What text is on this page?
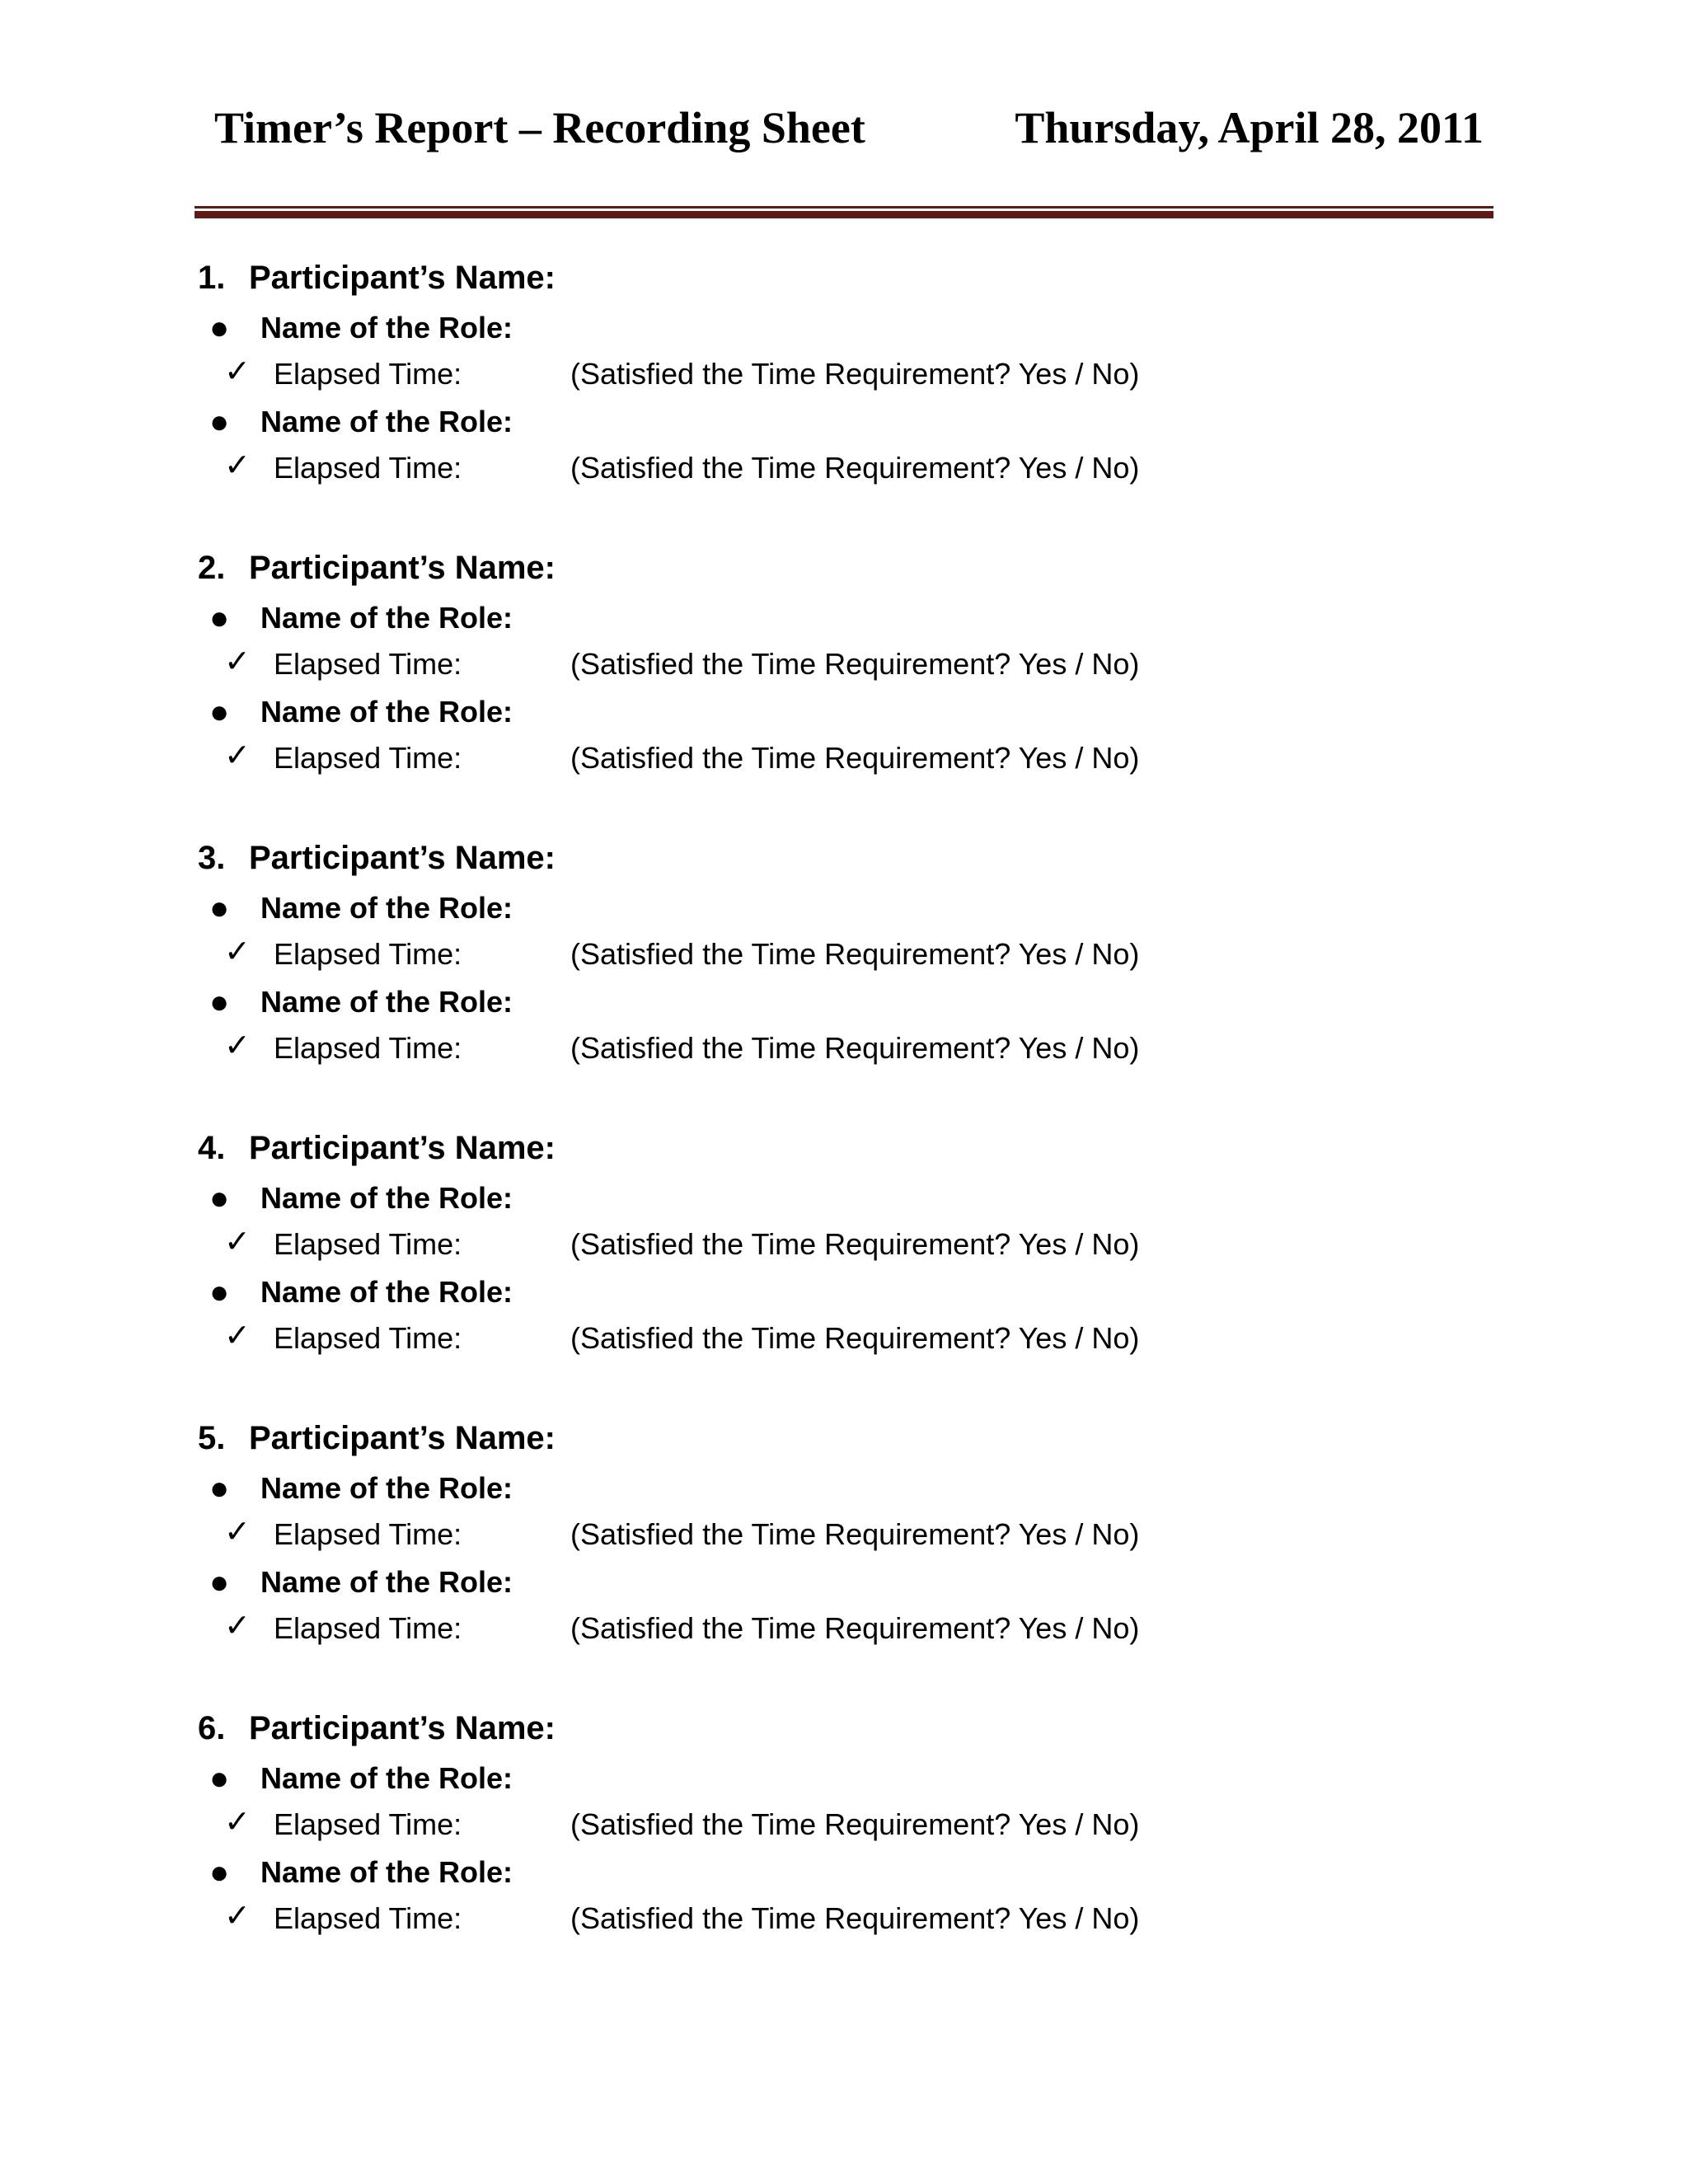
Timer’s Report – Recording Sheet	Thursday, April 28, 2011
1. Participant’s Name:
● Name of the Role:
✓ Elapsed Time:	(Satisfied the Time Requirement? Yes / No)
● Name of the Role:
✓ Elapsed Time:	(Satisfied the Time Requirement? Yes / No)
2. Participant’s Name:
● Name of the Role:
✓ Elapsed Time:	(Satisfied the Time Requirement? Yes / No)
● Name of the Role:
✓ Elapsed Time:	(Satisfied the Time Requirement? Yes / No)
3. Participant’s Name:
● Name of the Role:
✓ Elapsed Time:	(Satisfied the Time Requirement? Yes / No)
● Name of the Role:
✓ Elapsed Time:	(Satisfied the Time Requirement? Yes / No)
4. Participant’s Name:
● Name of the Role:
✓ Elapsed Time:	(Satisfied the Time Requirement? Yes / No)
● Name of the Role:
✓ Elapsed Time:	(Satisfied the Time Requirement? Yes / No)
5. Participant’s Name:
● Name of the Role:
✓ Elapsed Time:	(Satisfied the Time Requirement? Yes / No)
● Name of the Role:
✓ Elapsed Time:	(Satisfied the Time Requirement? Yes / No)
6. Participant’s Name:
● Name of the Role:
✓ Elapsed Time:	(Satisfied the Time Requirement? Yes / No)
● Name of the Role:
✓ Elapsed Time:	(Satisfied the Time Requirement? Yes / No)
